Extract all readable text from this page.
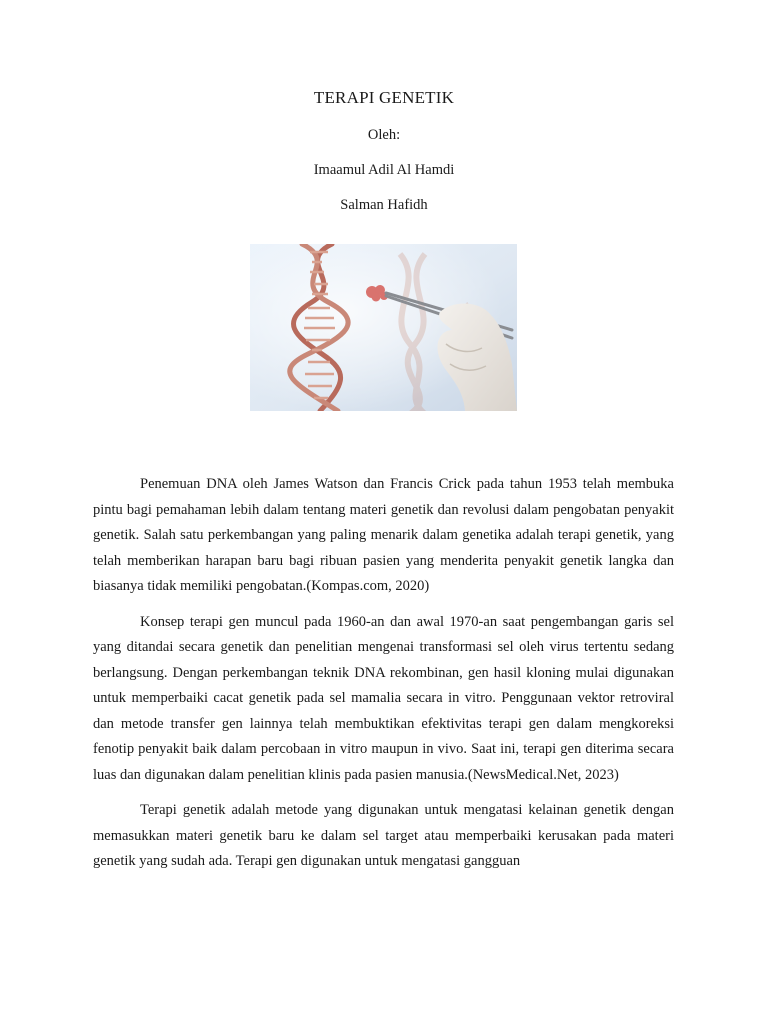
TERAPI GENETIK
Oleh:
Imaamul Adil Al Hamdi
Salman Hafidh

Penemuan DNA oleh James Watson dan Francis Crick pada tahun 1953 telah membuka pintu bagi pemahaman lebih dalam tentang materi genetik dan revolusi dalam pengobatan penyakit genetik. Salah satu perkembangan yang paling menarik dalam genetika adalah terapi genetik, yang telah memberikan harapan baru bagi ribuan pasien yang menderita penyakit genetik langka dan biasanya tidak memiliki pengobatan.(Kompas.com, 2020)

Konsep terapi gen muncul pada 1960-an dan awal 1970-an saat pengembangan garis sel yang ditandai secara genetik dan penelitian mengenai transformasi sel oleh virus tertentu sedang berlangsung. Dengan perkembangan teknik DNA rekombinan, gen hasil kloning mulai digunakan untuk memperbaiki cacat genetik pada sel mamalia secara in vitro. Penggunaan vektor retroviral dan metode transfer gen lainnya telah membuktikan efektivitas terapi gen dalam mengkoreksi fenotip penyakit baik dalam percobaan in vitro maupun in vivo. Saat ini, terapi gen diterima secara luas dan digunakan dalam penelitian klinis pada pasien manusia.(NewsMedical.Net, 2023)

Terapi genetik adalah metode yang digunakan untuk mengatasi kelainan genetik dengan memasukkan materi genetik baru ke dalam sel target atau memperbaiki kerusakan pada materi genetik yang sudah ada. Terapi gen digunakan untuk mengatasi gangguan
